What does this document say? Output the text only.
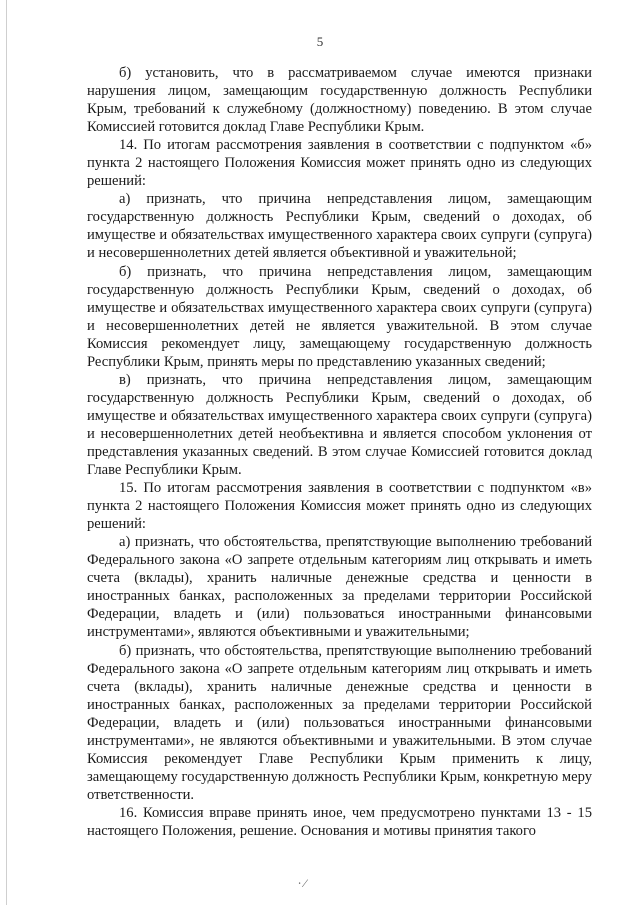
5

б) установить, что в рассматриваемом случае имеются признаки нарушения лицом, замещающим государственную должность Республики Крым, требований к служебному (должностному) поведению. В этом случае Комиссией готовится доклад Главе Республики Крым.

14. По итогам рассмотрения заявления в соответствии с подпунктом «б» пункта 2 настоящего Положения Комиссия может принять одно из следующих решений:

а) признать, что причина непредставления лицом, замещающим государственную должность Республики Крым, сведений о доходах, об имуществе и обязательствах имущественного характера своих супруги (супруга) и несовершеннолетних детей является объективной и уважительной;

б) признать, что причина непредставления лицом, замещающим государственную должность Республики Крым, сведений о доходах, об имуществе и обязательствах имущественного характера своих супруги (супруга) и несовершеннолетних детей не является уважительной. В этом случае Комиссия рекомендует лицу, замещающему государственную должность Республики Крым, принять меры по представлению указанных сведений;

в) признать, что причина непредставления лицом, замещающим государственную должность Республики Крым, сведений о доходах, об имуществе и обязательствах имущественного характера своих супруги (супруга) и несовершеннолетних детей необъективна и является способом уклонения от представления указанных сведений. В этом случае Комиссией готовится доклад Главе Республики Крым.

15. По итогам рассмотрения заявления в соответствии с подпунктом «в» пункта 2 настоящего Положения Комиссия может принять одно из следующих решений:

а) признать, что обстоятельства, препятствующие выполнению требований Федерального закона «О запрете отдельным категориям лиц открывать и иметь счета (вклады), хранить наличные денежные средства и ценности в иностранных банках, расположенных за пределами территории Российской Федерации, владеть и (или) пользоваться иностранными финансовыми инструментами», являются объективными и уважительными;

б) признать, что обстоятельства, препятствующие выполнению требований Федерального закона «О запрете отдельным категориям лиц открывать и иметь счета (вклады), хранить наличные денежные средства и ценности в иностранных банках, расположенных за пределами территории Российской Федерации, владеть и (или) пользоваться иностранными финансовыми инструментами», не являются объективными и уважительными. В этом случае Комиссия рекомендует Главе Республики Крым применить к лицу, замещающему государственную должность Республики Крым, конкретную меру ответственности.

16. Комиссия вправе принять иное, чем предусмотрено пунктами 13 - 15 настоящего Положения, решение. Основания и мотивы принятия такого

∙ ⁄
